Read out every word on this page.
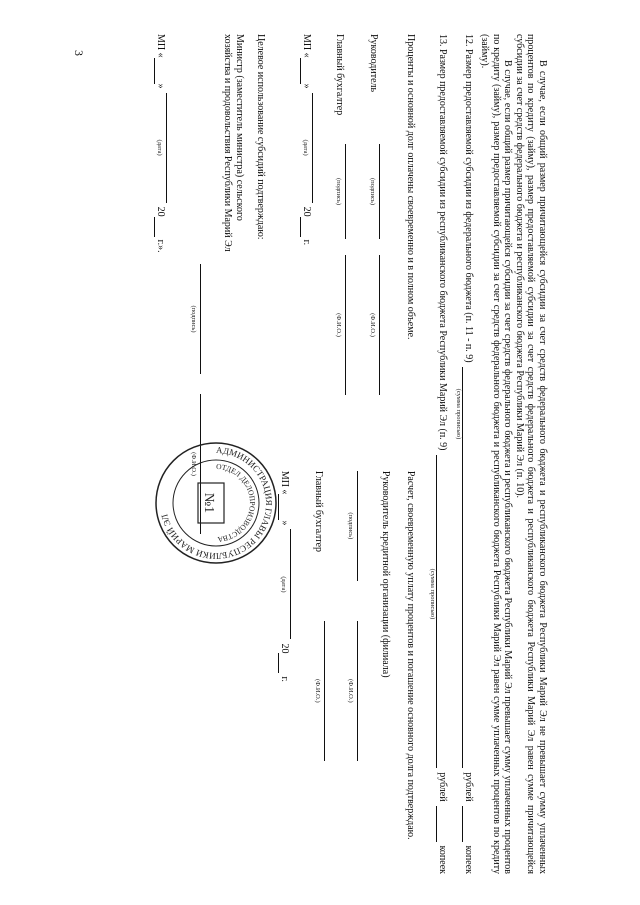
3

В случае, если общий размер причитающейся субсидии за счет средств федерального бюджета и республиканского бюджета Республики Марий Эл не превышает сумму уплаченных процентов по кредиту (займу), размер предоставляемой субсидии за счет средств федерального бюджета и республиканского бюджета Республики Марий Эл равен сумме причитающейся субсидии за счет средств федерального бюджета и республиканского бюджета Республики Марий Эл (п. 10).

В случае, если общий размер причитающейся субсидии за счет средств федерального бюджета и республиканского бюджета Республики Марий Эл превышает сумму уплаченных процентов по кредиту (займу), размер предоставляемой субсидии за счет средств федерального бюджета и республиканского бюджета Республики Марий Эл равен сумме уплаченных процентов по кредиту (займу).

12. Размер предоставляемой субсидии из федерального бюджета (п. 11 - п. 9)
рублей
копеек
(сумма прописью)
13. Размер предоставляемой субсидии из республиканского бюджета Республики Марий Эл (п. 9)
рублей
копеек
(сумма прописью)

Проценты и основной долг оплачены своевременно и в полном объеме.

Руководитель
(подпись)
(Ф.И.О.)
Главный бухгалтер
(подпись)
(Ф.И.О.)
МП «
»
(дата)
20
г.

Расчет, своевременную уплату процентов и погашение основного долга подтверждаю.

Руководитель кредитной организации (филиала)
(подпись)
(Ф.И.О.)
Главный бухгалтер
(Ф.И.О.)
МП «
»
(дата)
20
г.
Целевое использование субсидий подтверждаю:
Министр (заместитель министра) сельского хозяйства и продовольствия Республики Марий Эл
(подпись)
(Ф.И.О.)
МП «
»
(дата)
20
г.».
АДМИНИСТРАЦИЯ ГЛАВЫ РЕСПУБЛИКИ МАРИЙ ЭЛ
ОТДЕЛ ДЕЛОПРОИЗВОДСТВА
№1
